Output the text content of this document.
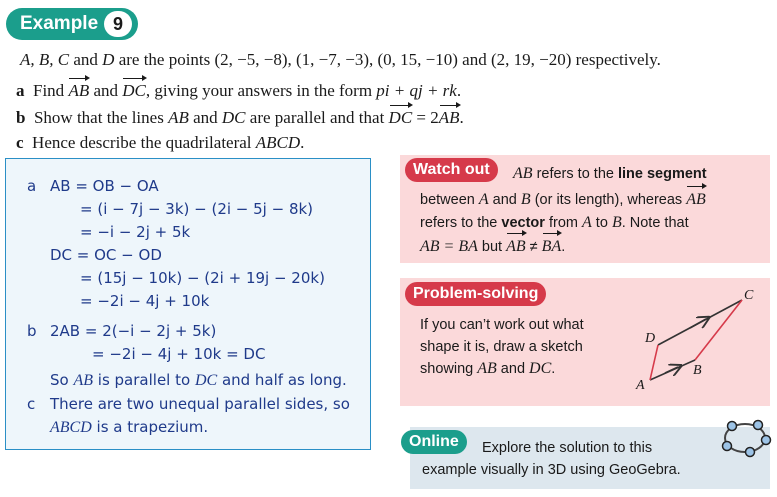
Example 9
A, B, C and D are the points (2, −5, −8), (1, −7, −3), (0, 15, −10) and (2, 19, −20) respectively.
a Find AB and DC, giving your answers in the form pi + qj + rk.
b Show that the lines AB and DC are parallel and that DC = 2AB.
c Hence describe the quadrilateral ABCD.
a AB = OB − OA
= (i − 7j − 3k) − (2i − 5j − 8k)
= −i − 2j + 5k
DC = OC − OD
= (15j − 10k) − (2i + 19j − 20k)
= −2i − 4j + 10k
b 2AB = 2(−i − 2j + 5k)
= −2i − 4j + 10k = DC
So AB is parallel to DC and half as long.
c There are two unequal parallel sides, so
ABCD is a trapezium.
Watch out	AB refers to the line segment
between A and B (or its length), whereas AB
refers to the vector from A to B. Note that
AB = BA but AB ≠ BA.
Problem-solving
If you can’t work out what
shape it is, draw a sketch
showing AB and DC.
C
D
B
A
Online	Explore the solution to this
example visually in 3D using GeoGebra.
